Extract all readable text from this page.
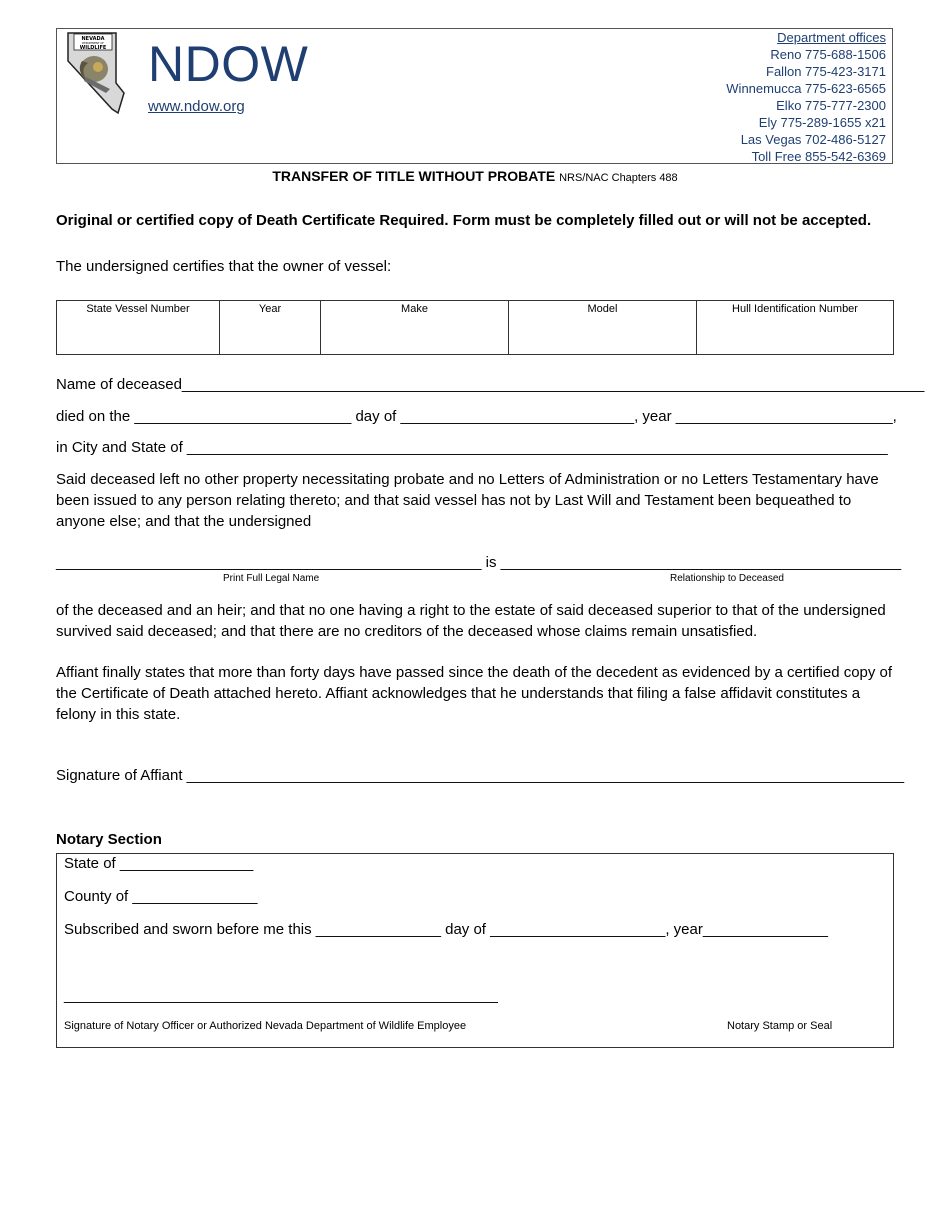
NEVADA
DEPARTMENT OF
WILDLIFE NDOW
www.ndow.org
Department offices
Reno 775-688-1506
Fallon 775-423-3171
Winnemucca 775-623-6565
Elko 775-777-2300
Ely 775-289-1655 x21
Las Vegas 702-486-5127
Toll Free 855-542-6369
TRANSFER OF TITLE WITHOUT PROBATE NRS/NAC Chapters 488
Original or certified copy of Death Certificate Required. Form must be completely filled out or will not be accepted.
The undersigned certifies that the owner of vessel:
State Vessel Number	Year	Make	Model	Hull Identification Number
Name of deceased_________________________________________________________________________________________
died on the __________________________ day of ____________________________, year __________________________,
in City and State of ____________________________________________________________________________________
Said deceased left no other property necessitating probate and no Letters of Administration or no Letters Testamentary have been issued to any person relating thereto; and that said vessel has not by Last Will and Testament been bequeathed to anyone else; and that the undersigned
___________________________________________________ is ________________________________________________
Print Full Legal Name	Relationship to Deceased
of the deceased and an heir; and that no one having a right to the estate of said deceased superior to that of the undersigned survived said deceased; and that there are no creditors of the deceased whose claims remain unsatisfied.
Affiant finally states that more than forty days have passed since the death of the decedent as evidenced by a certified copy of the Certificate of Death attached hereto. Affiant acknowledges that he understands that filing a false affidavit constitutes a felony in this state.
Signature of Affiant ______________________________________________________________________________________
Notary Section
State of ________________
County of _______________
Subscribed and sworn before me this _______________ day of _____________________, year_______________
____________________________________________________
Signature of Notary Officer or Authorized Nevada Department of Wildlife Employee	Notary Stamp or Seal
